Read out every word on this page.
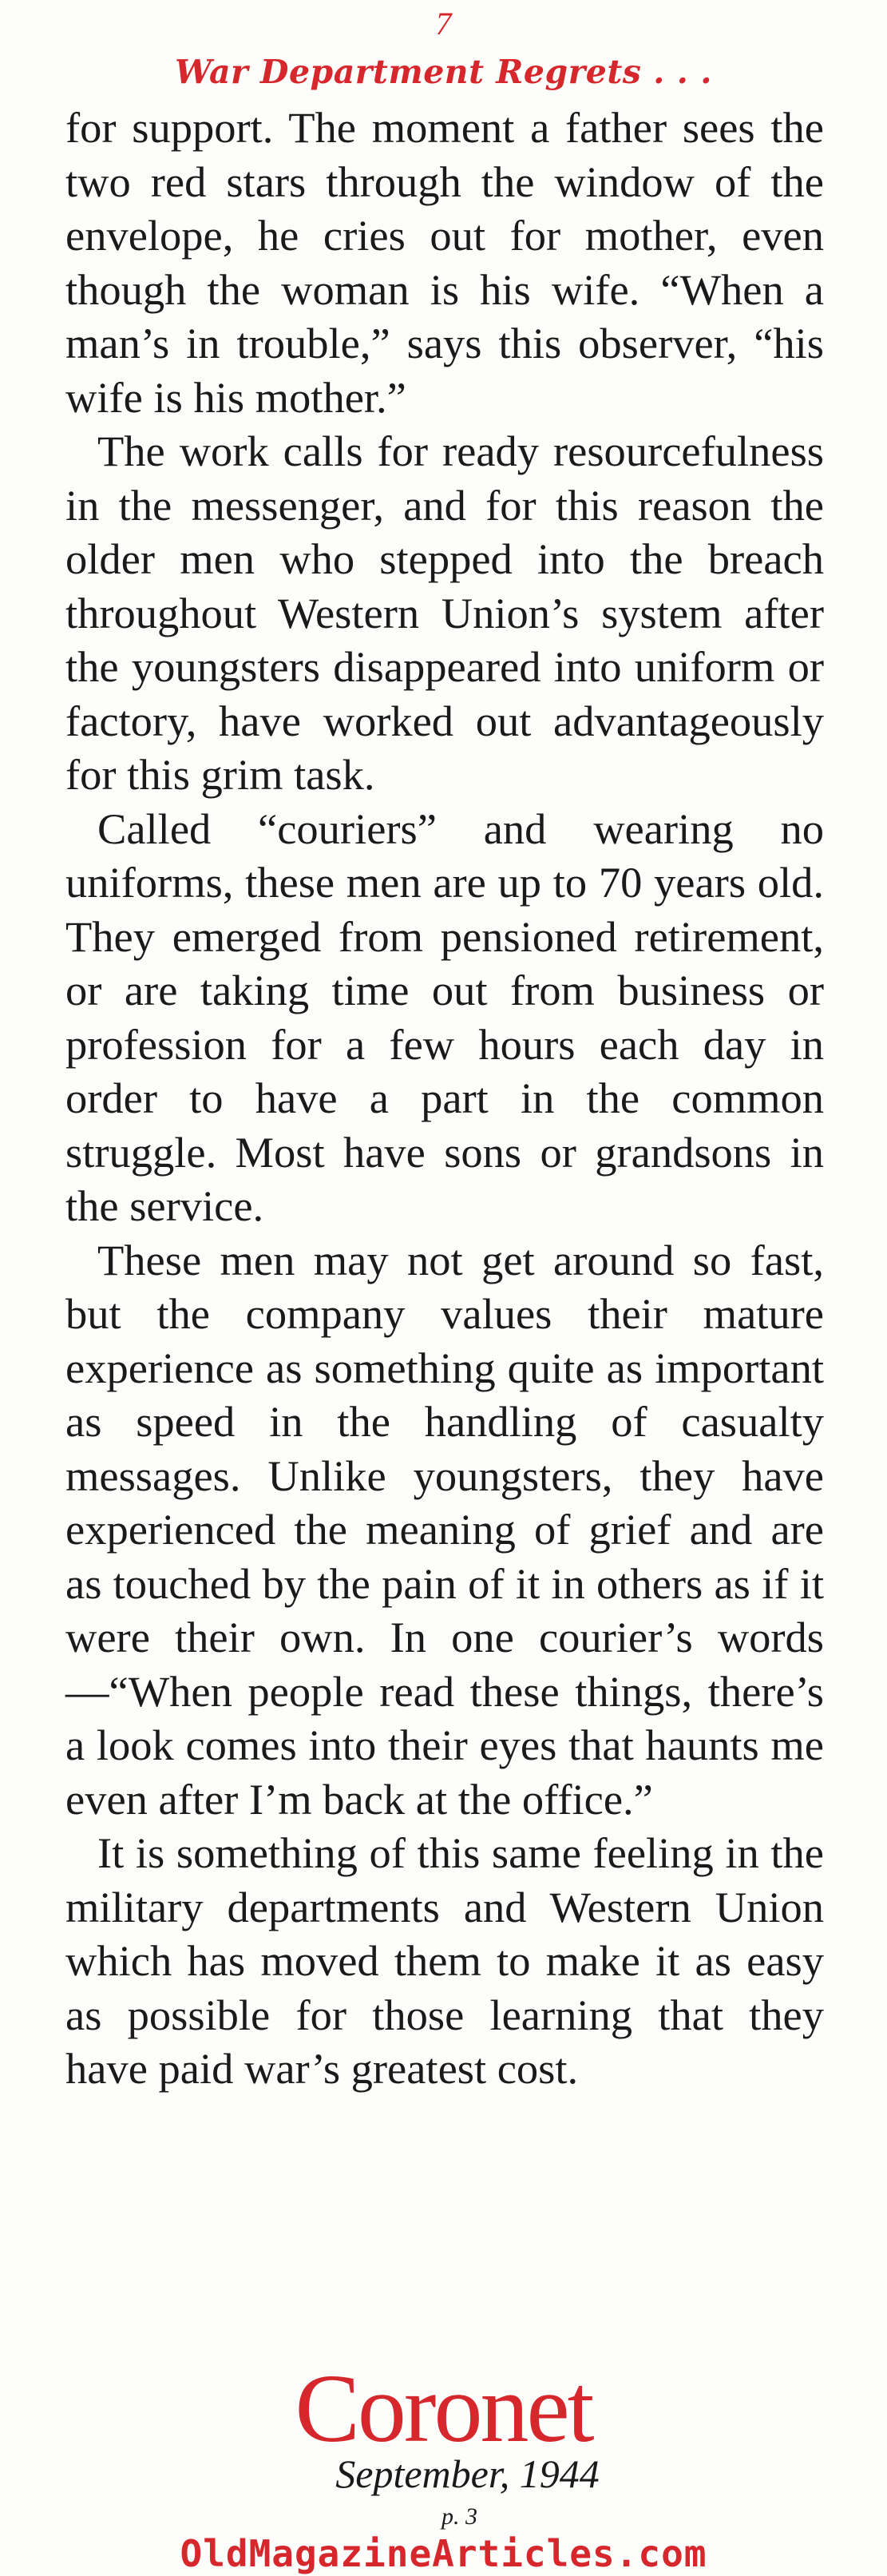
7
War Department Regrets . . .

for support. The moment a father sees the two red stars through the window of the envelope, he cries out for mother, even though the woman is his wife. “When a man’s in trouble,” says this observer, “his wife is his mother.”

The work calls for ready resourcefulness in the messenger, and for this reason the older men who stepped into the breach throughout Western Union’s system after the youngsters disappeared into uniform or factory, have worked out advantageously for this grim task.

Called “couriers” and wearing no uniforms, these men are up to 70 years old. They emerged from pensioned retirement, or are taking time out from business or profession for a few hours each day in order to have a part in the common struggle. Most have sons or grandsons in the service.

These men may not get around so fast, but the company values their mature experience as something quite as important as speed in the handling of casualty messages. Unlike youngsters, they have experienced the meaning of grief and are as touched by the pain of it in others as if it were their own. In one courier’s words—“When people read these things, there’s a look comes into their eyes that haunts me even after I’m back at the office.”

It is something of this same feeling in the military departments and Western Union which has moved them to make it as easy as possible for those learning that they have paid war’s greatest cost.

Coronet
September, 1944
p. 3
OldMagazineArticles.com
